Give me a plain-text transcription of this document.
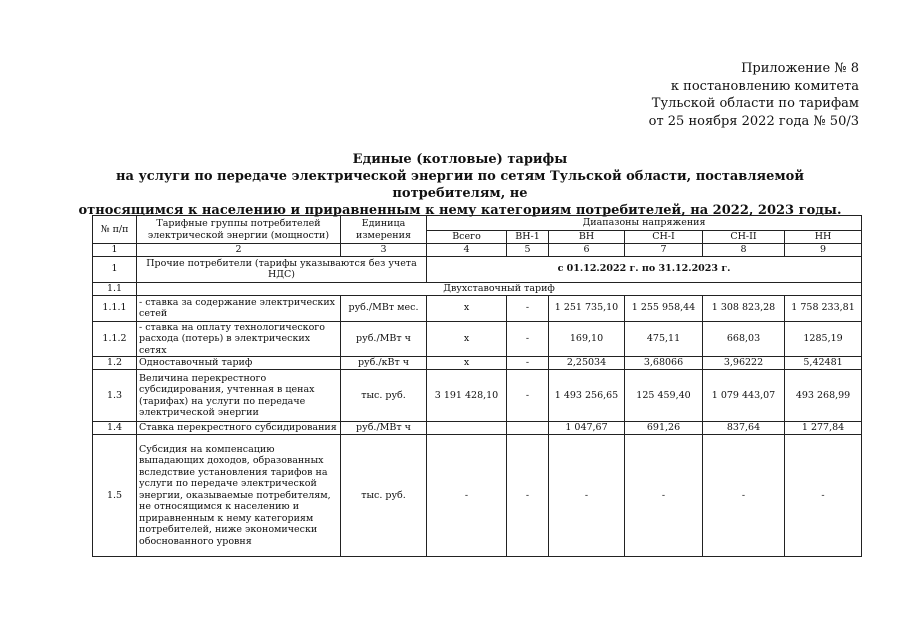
Приложение № 8
к постановлению комитета
Тульской области по тарифам
от 25 ноября 2022 года № 50/3
Единые (котловые) тарифы
на услуги по передаче электрической энергии по сетям Тульской области, поставляемой потребителям, не
относящимся к населению и приравненным к нему категориям потребителей, на 2022, 2023 годы.
№ п/п	Тарифные группы потребителей электрической энергии (мощности)	Единица измерения	Диапазоны напряжения					
			Всего	ВН-1	ВН	СН-I	СН-II	НН
1	2	3	4	5	6	7	8	9
1	Прочие потребители (тарифы указываются без учета НДС)		с 01.12.2022 г. по 31.12.2023 г.					
1.1	Двухставочный тариф							
1.1.1	- ставка за содержание электрических сетей	руб./МВт мес.	х	-	1 251 735,10	1 255 958,44	1 308 823,28	1 758 233,81
1.1.2	- ставка на оплату технологического расхода (потерь) в электрических сетях	руб./МВт ч	х	-	169,10	475,11	668,03	1285,19
1.2	Одноставочный тариф	руб./кВт ч	х	-	2,25034	3,68066	3,96222	5,42481
1.3	Величина перекрестного субсидирования, учтенная в ценах (тарифах) на услуги по передаче электрической энергии	тыс. руб.	3 191 428,10	-	1 493 256,65	125 459,40	1 079 443,07	493 268,99
1.4	Ставка перекрестного субсидирования	руб./МВт ч			1 047,67	691,26	837,64	1 277,84
1.5	Субсидия на компенсацию выпадающих доходов, образованных вследствие установления тарифов на услуги по передаче электрической энергии, оказываемые потребителям, не относящимся к населению и приравненным к нему категориям потребителей, ниже экономически обоснованного уровня	тыс. руб.	-	-	-	-	-	-
